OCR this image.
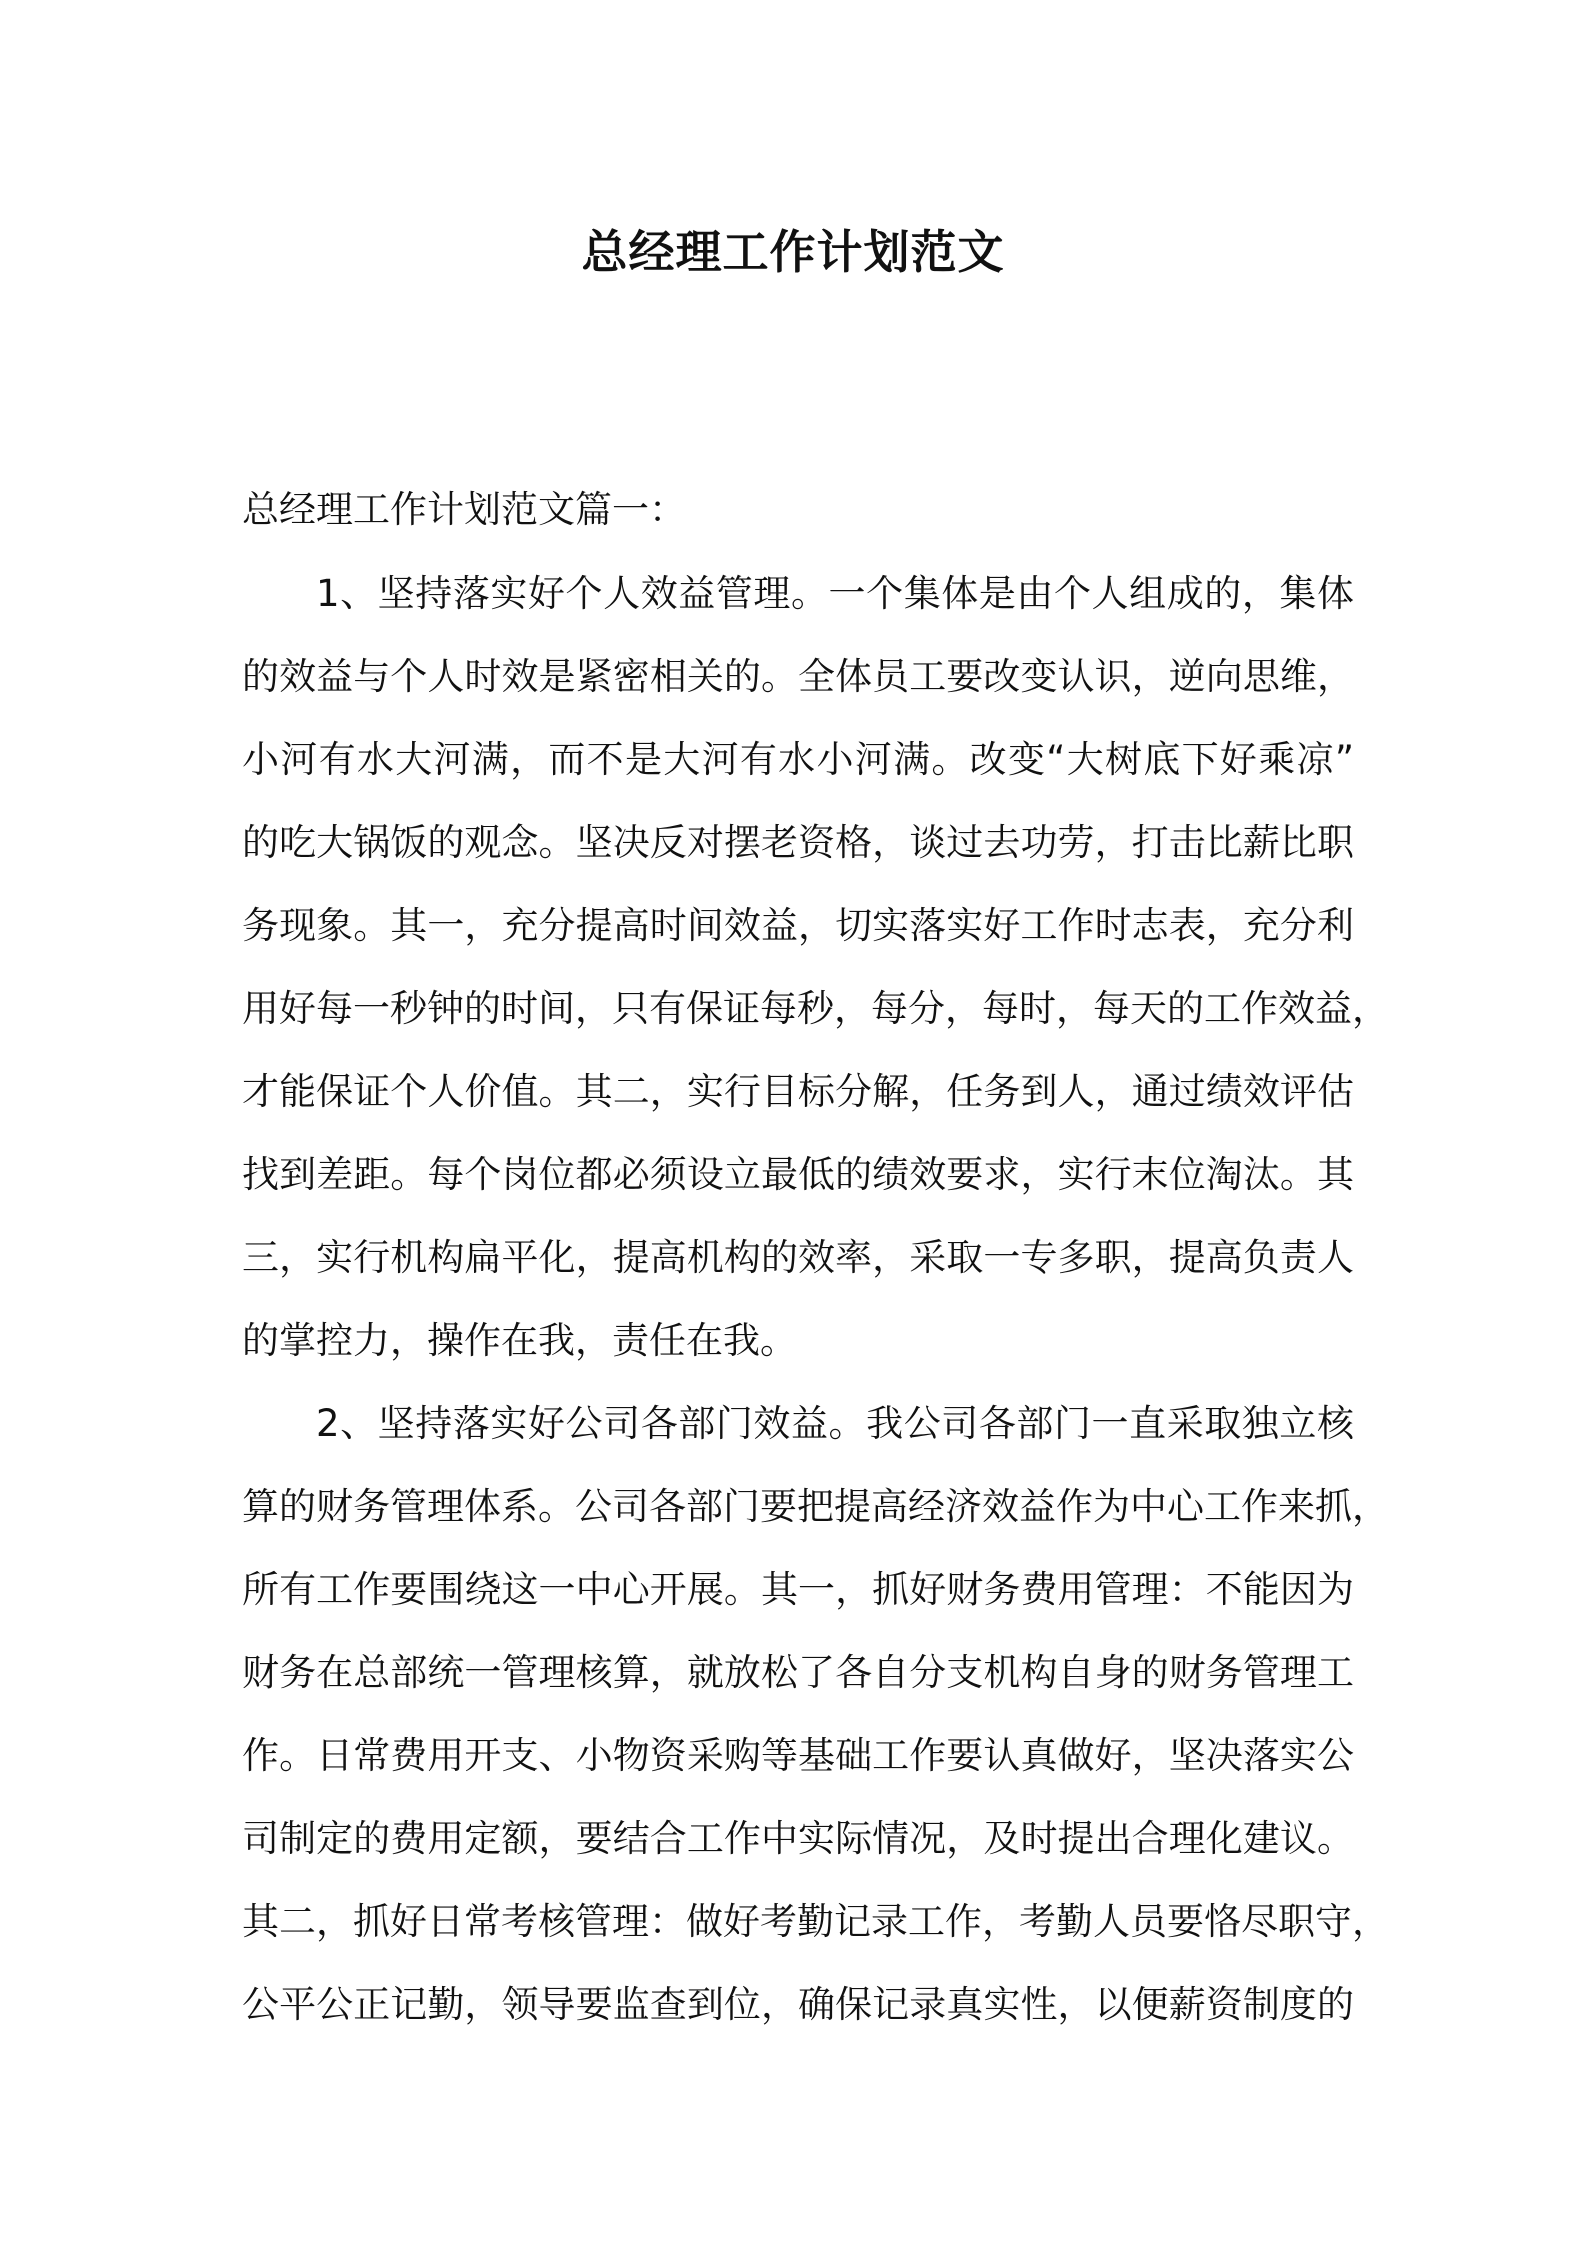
总经理工作计划范文

总经理工作计划范文篇一：

1、坚持落实好个人效益管理。一个集体是由个人组成的，集体

的效益与个人时效是紧密相关的。全体员工要改变认识，逆向思维，

小河有水大河满，而不是大河有水小河满。改变“大树底下好乘凉”

的吃大锅饭的观念。坚决反对摆老资格，谈过去功劳，打击比薪比职

务现象。其一，充分提高时间效益，切实落实好工作时志表，充分利

用好每一秒钟的时间，只有保证每秒，每分，每时，每天的工作效益，

才能保证个人价值。其二，实行目标分解，任务到人，通过绩效评估

找到差距。每个岗位都必须设立最低的绩效要求，实行末位淘汰。其

三，实行机构扁平化，提高机构的效率，采取一专多职，提高负责人

的掌控力，操作在我，责任在我。

2、坚持落实好公司各部门效益。我公司各部门一直采取独立核

算的财务管理体系。公司各部门要把提高经济效益作为中心工作来抓，

所有工作要围绕这一中心开展。其一，抓好财务费用管理：不能因为

财务在总部统一管理核算，就放松了各自分支机构自身的财务管理工

作。日常费用开支、小物资采购等基础工作要认真做好，坚决落实公

司制定的费用定额，要结合工作中实际情况，及时提出合理化建议。

其二，抓好日常考核管理：做好考勤记录工作，考勤人员要恪尽职守，

公平公正记勤，领导要监查到位，确保记录真实性，以便薪资制度的
